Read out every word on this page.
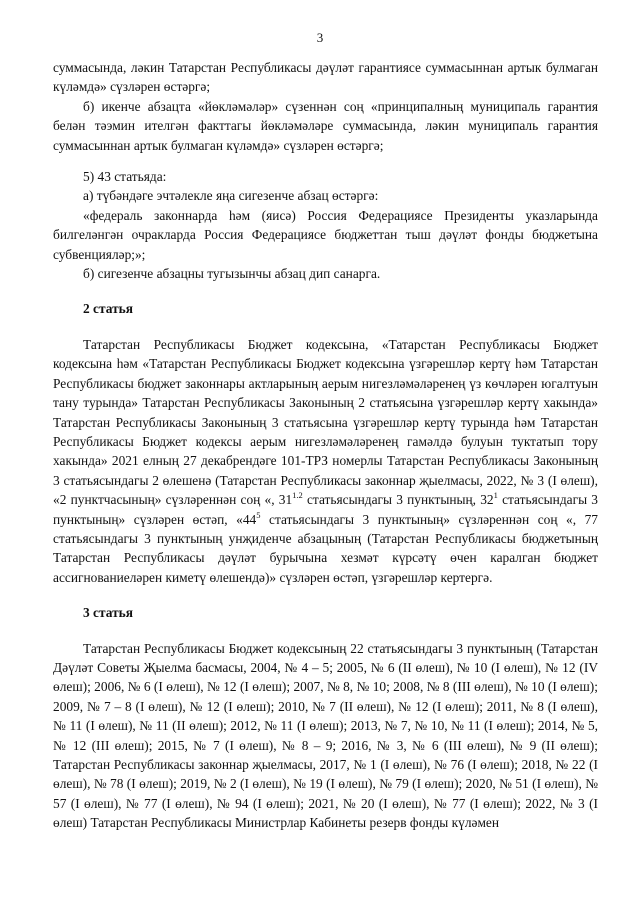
3

суммасында, ләкин Татарстан Республикасы дәүләт гарантиясе суммасыннан артык булмаган күләмдә» сүзләрен өстәргә;

б) икенче абзацта «йөкләмәләр» сүзеннән соң «принципалның муниципаль гарантия белән тәэмин ителгән факттагы йөкләмәләре суммасында, ләкин муниципаль гарантия суммасыннан артык булмаган күләмдә» сүзләрен өстәргә;

5) 43 статьяда:

а) түбәндәге эчтәлекле яңа сигезенче абзац өстәргә:

«федераль законнарда һәм (яисә) Россия Федерациясе Президенты указларында билгеләнгән очракларда Россия Федерациясе бюджеттан тыш дәүләт фонды бюджетына субвенцияләр;»;

б) сигезенче абзацны тугызынчы абзац дип санарга.

2 статья

Татарстан Республикасы Бюджет кодексына, «Татарстан Республикасы Бюджет кодексына һәм «Татарстан Республикасы Бюджет кодексына үзгәрешләр кертү һәм Татарстан Республикасы бюджет законнары актларының аерым нигезләмәләренең үз көчләрен югалтуын тану турында» Татарстан Республикасы Законының 2 статьясына үзгәрешләр кертү хакында» Татарстан Республикасы Законының 3 статьясына үзгәрешләр кертү турында һәм Татарстан Республикасы Бюджет кодексы аерым нигезләмәләренең гамәлдә булуын туктатып тору хакында» 2021 елның 27 декабрендәге 101-ТРЗ номерлы Татарстан Республикасы Законының 3 статьясындагы 2 өлешенә (Татарстан Республикасы законнар җыелмасы, 2022, № 3 (I өлеш), «2 пунктчасының» сүзләреннән соң «, $31^{1.2}$ статьясындагы 3 пунктының, $32^1$ статьясындагы 3 пунктының» сүзләрен өстәп, «$44^5$ статьясындагы 3 пунктының» сүзләреннән соң «, 77 статьясындагы 3 пунктының унҗиденче абзацының (Татарстан Республикасы бюджетының Татарстан Республикасы дәүләт бурычына хезмәт күрсәтү өчен каралган бюджет ассигнованиеләрен киметү өлешендә)» сүзләрен өстәп, үзгәрешләр кертергә.

3 статья

Татарстан Республикасы Бюджет кодексының 22 статьясындагы 3 пунктының (Татарстан Дәүләт Советы Җыелма басмасы, 2004, № 4 – 5; 2005, № 6 (II өлеш), № 10 (I өлеш), № 12 (IV өлеш); 2006, № 6 (I өлеш), № 12 (I өлеш); 2007, № 8, № 10; 2008, № 8 (III өлеш), № 10 (I өлеш); 2009, № 7 – 8 (I өлеш), № 12 (I өлеш); 2010, № 7 (II өлеш), № 12 (I өлеш); 2011, № 8 (I өлеш), № 11 (I өлеш), № 11 (II өлеш); 2012, № 11 (I өлеш); 2013, № 7, № 10, № 11 (I өлеш); 2014, № 5, № 12 (III өлеш); 2015, № 7 (I өлеш), № 8 – 9; 2016, № 3, № 6 (III өлеш), № 9 (II өлеш); Татарстан Республикасы законнар җыелмасы, 2017, № 1 (I өлеш), № 76 (I өлеш); 2018, № 22 (I өлеш), № 78 (I өлеш); 2019, № 2 (I өлеш), № 19 (I өлеш), № 79 (I өлеш); 2020, № 51 (I өлеш), № 57 (I өлеш), № 77 (I өлеш), № 94 (I өлеш); 2021, № 20 (I өлеш), № 77 (I өлеш); 2022, № 3 (I өлеш) Татарстан Республикасы Министрлар Кабинеты резерв фонды күләмен
